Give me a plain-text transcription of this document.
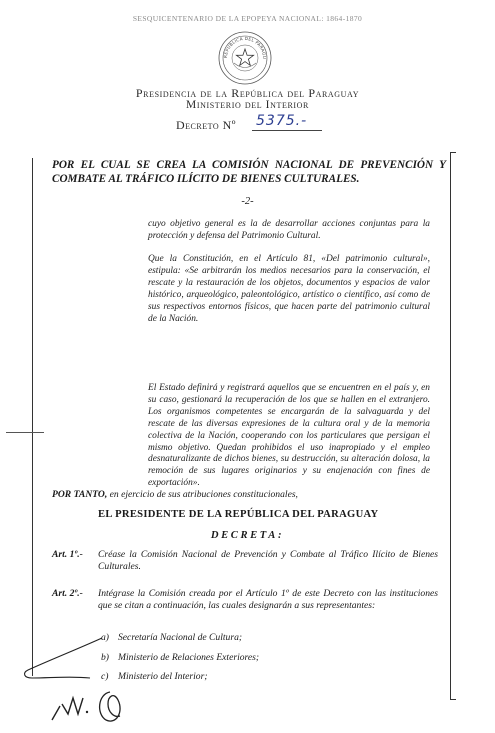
SESQUICENTENARIO DE LA EPOPEYA NACIONAL: 1864-1870
REPÚBLICA DEL PARAGU
Presidencia de la República del Paraguay
Ministerio del Interior
Decreto Nº 5375.-
POR EL CUAL SE CREA LA COMISIÓN NACIONAL DE PREVENCIÓN Y COMBATE AL TRÁFICO ILÍCITO DE BIENES CULTURALES.
-2-
cuyo objetivo general es la de desarrollar acciones conjuntas para la protección y defensa del Patrimonio Cultural.
Que la Constitución, en el Artículo 81, «Del patrimonio cultural», estipula: «Se arbitrarán los medios necesarios para la conservación, el rescate y la restauración de los objetos, documentos y espacios de valor histórico, arqueológico, paleontológico, artístico o científico, así como de sus respectivos entornos físicos, que hacen parte del patrimonio cultural de la Nación.
El Estado definirá y registrará aquellos que se encuentren en el país y, en su caso, gestionará la recuperación de los que se hallen en el extranjero. Los organismos competentes se encargarán de la salvaguarda y del rescate de las diversas expresiones de la cultura oral y de la memoria colectiva de la Nación, cooperando con los particulares que persigan el mismo objetivo. Quedan prohibidos el uso inapropiado y el empleo desnaturalizante de dichos bienes, su destrucción, su alteración dolosa, la remoción de sus lugares originarios y su enajenación con fines de exportación».
POR TANTO, en ejercicio de sus atribuciones constitucionales,
EL PRESIDENTE DE LA REPÚBLICA DEL PARAGUAY
DECRETA:
Art. 1º.- Créase la Comisión Nacional de Prevención y Combate al Tráfico Ilícito de Bienes Culturales.
Art. 2º.- Intégrase la Comisión creada por el Artículo 1º de este Decreto con las instituciones que se citan a continuación, las cuales designarán a sus representantes:
a) Secretaría Nacional de Cultura;
b) Ministerio de Relaciones Exteriores;
c) Ministerio del Interior;
